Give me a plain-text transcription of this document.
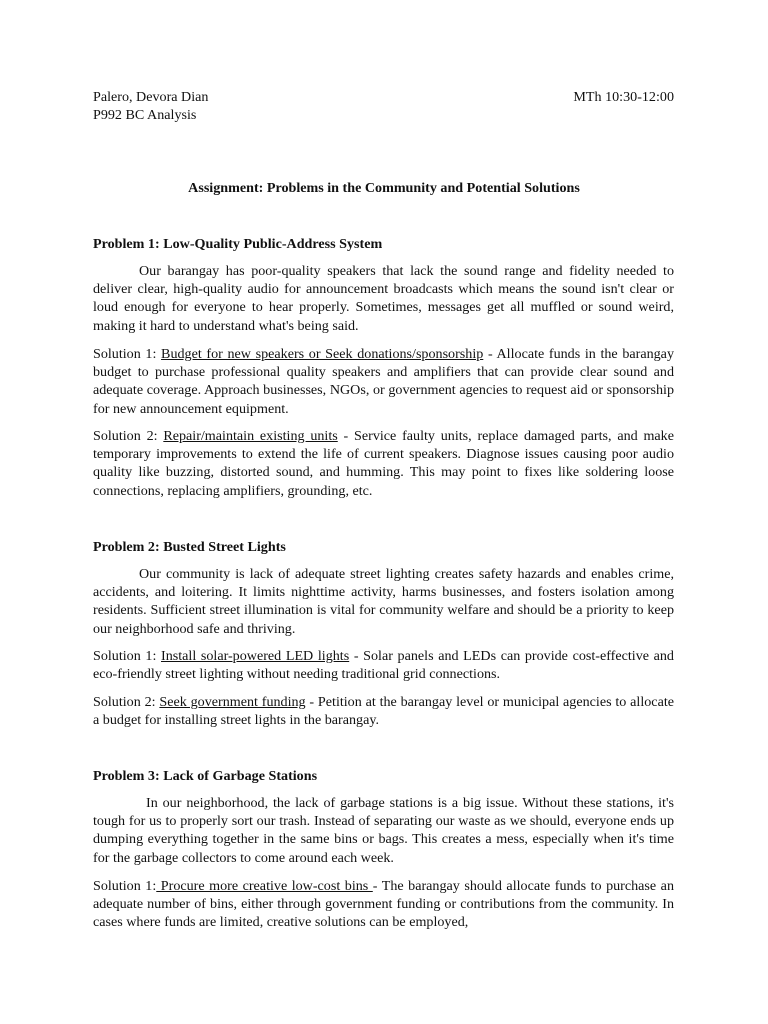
Palero, Devora Dian	MTh 10:30-12:00
P992 BC Analysis
Assignment: Problems in the Community and Potential Solutions
Problem 1: Low-Quality Public-Address System

Our barangay has poor-quality speakers that lack the sound range and fidelity needed to deliver clear, high-quality audio for announcement broadcasts which means the sound isn't clear or loud enough for everyone to hear properly. Sometimes, messages get all muffled or sound weird, making it hard to understand what's being said.

Solution 1: Budget for new speakers or Seek donations/sponsorship - Allocate funds in the barangay budget to purchase professional quality speakers and amplifiers that can provide clear sound and adequate coverage. Approach businesses, NGOs, or government agencies to request aid or sponsorship for new announcement equipment.

Solution 2: Repair/maintain existing units - Service faulty units, replace damaged parts, and make temporary improvements to extend the life of current speakers. Diagnose issues causing poor audio quality like buzzing, distorted sound, and humming. This may point to fixes like soldering loose connections, replacing amplifiers, grounding, etc.

Problem 2: Busted Street Lights

Our community is lack of adequate street lighting creates safety hazards and enables crime, accidents, and loitering. It limits nighttime activity, harms businesses, and fosters isolation among residents. Sufficient street illumination is vital for community welfare and should be a priority to keep our neighborhood safe and thriving.

Solution 1: Install solar-powered LED lights - Solar panels and LEDs can provide cost-effective and eco-friendly street lighting without needing traditional grid connections.

Solution 2: Seek government funding - Petition at the barangay level or municipal agencies to allocate a budget for installing street lights in the barangay.

Problem 3: Lack of Garbage Stations

In our neighborhood, the lack of garbage stations is a big issue. Without these stations, it's tough for us to properly sort our trash. Instead of separating our waste as we should, everyone ends up dumping everything together in the same bins or bags. This creates a mess, especially when it's time for the garbage collectors to come around each week.

Solution 1: Procure more creative low-cost bins - The barangay should allocate funds to purchase an adequate number of bins, either through government funding or contributions from the community. In cases where funds are limited, creative solutions can be employed,
